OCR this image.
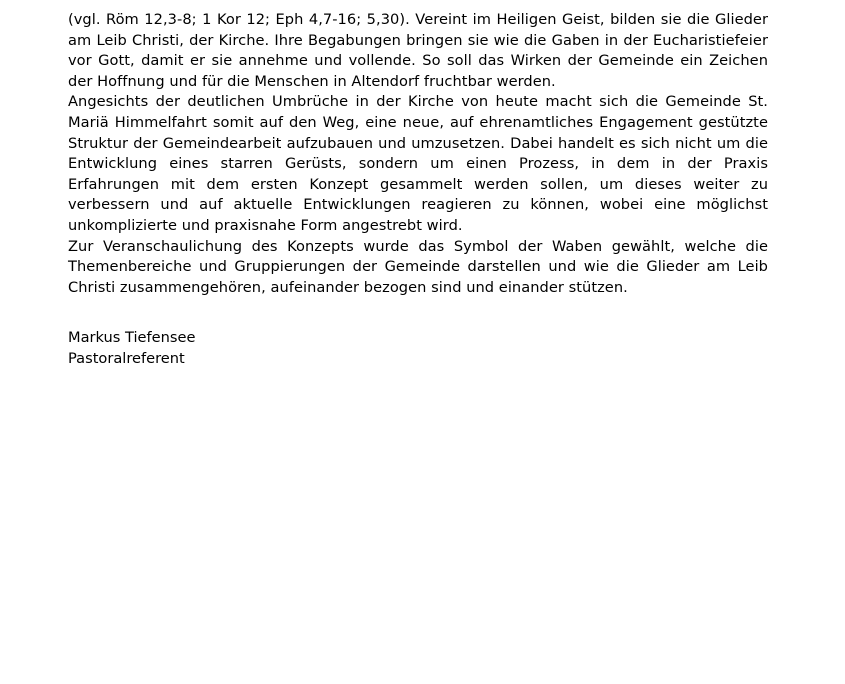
(vgl. Röm 12,3-8; 1 Kor 12; Eph 4,7-16; 5,30). Vereint im Heiligen Geist, bilden sie die Glieder am Leib Christi, der Kirche. Ihre Begabungen bringen sie wie die Gaben in der Eucharistiefeier vor Gott, damit er sie annehme und vollende. So soll das Wirken der Gemeinde ein Zeichen der Hoffnung und für die Menschen in Altendorf fruchtbar werden.

Angesichts der deutlichen Umbrüche in der Kirche von heute macht sich die Gemeinde St. Mariä Himmelfahrt somit auf den Weg, eine neue, auf ehrenamtliches Engagement gestützte Struktur der Gemeindearbeit aufzubauen und umzusetzen. Dabei handelt es sich nicht um die Entwicklung eines starren Gerüsts, sondern um einen Prozess, in dem in der Praxis Erfahrungen mit dem ersten Konzept gesammelt werden sollen, um dieses weiter zu verbessern und auf aktuelle Entwicklungen reagieren zu können, wobei eine möglichst unkomplizierte und praxisnahe Form angestrebt wird.

Zur Veranschaulichung des Konzepts wurde das Symbol der Waben gewählt, welche die Themenbereiche und Gruppierungen der Gemeinde darstellen und wie die Glieder am Leib Christi zusammengehören, aufeinander bezogen sind und einander stützen.

Markus Tiefensee
Pastoralreferent
